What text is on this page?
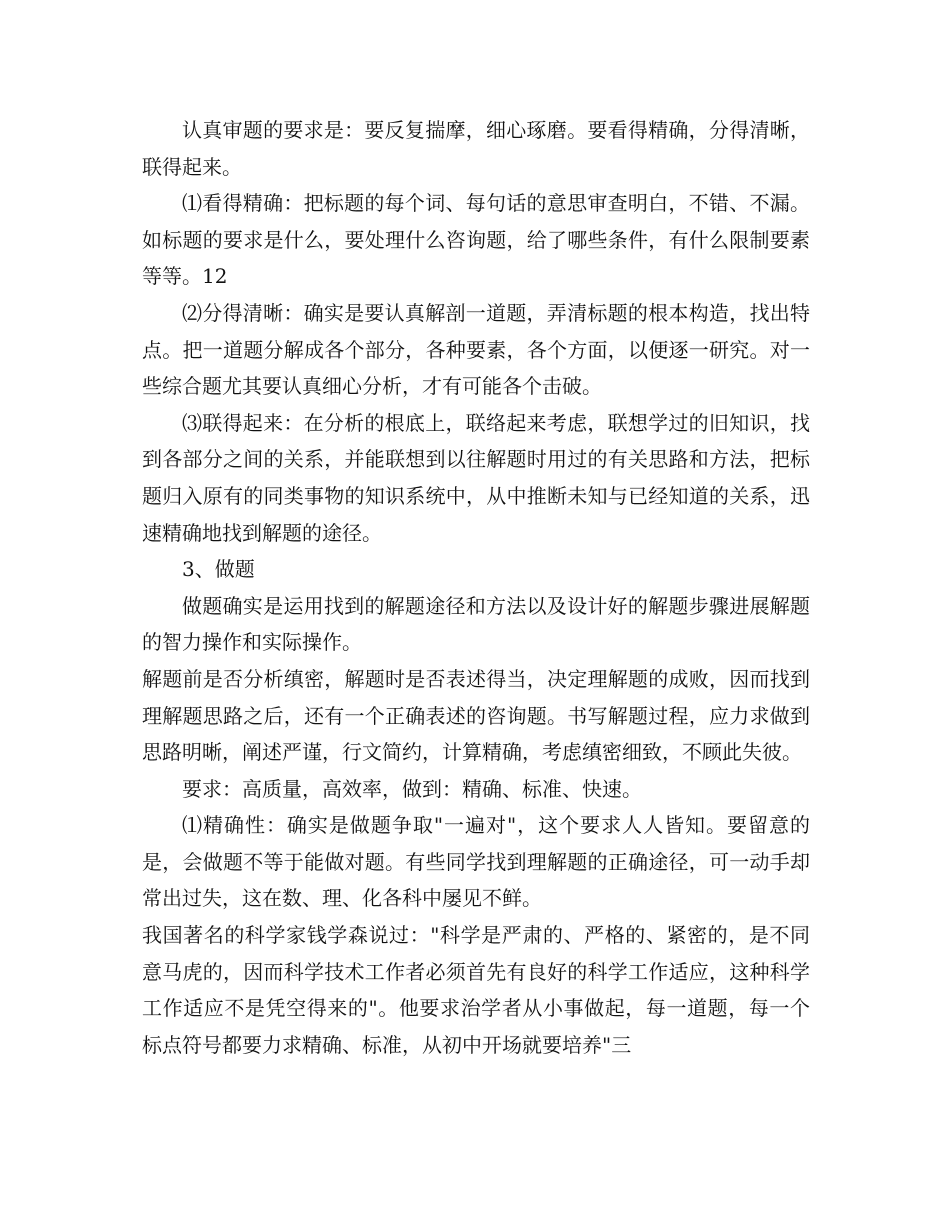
认真审题的要求是：要反复揣摩，细心琢磨。要看得精确，分得清晰，联得起来。

⑴看得精确：把标题的每个词、每句话的意思审查明白，不错、不漏。如标题的要求是什么，要处理什么咨询题，给了哪些条件，有什么限制要素等等。12

⑵分得清晰：确实是要认真解剖一道题，弄清标题的根本构造，找出特点。把一道题分解成各个部分，各种要素，各个方面，以便逐一研究。对一些综合题尤其要认真细心分析，才有可能各个击破。

⑶联得起来：在分析的根底上，联络起来考虑，联想学过的旧知识，找到各部分之间的关系，并能联想到以往解题时用过的有关思路和方法，把标题归入原有的同类事物的知识系统中，从中推断未知与已经知道的关系，迅速精确地找到解题的途径。

3、做题

做题确实是运用找到的解题途径和方法以及设计好的解题步骤进展解题的智力操作和实际操作。

解题前是否分析缜密，解题时是否表述得当，决定理解题的成败，因而找到理解题思路之后，还有一个正确表述的咨询题。书写解题过程，应力求做到思路明晰，阐述严谨，行文简约，计算精确，考虑缜密细致，不顾此失彼。

要求：高质量，高效率，做到：精确、标准、快速。

⑴精确性：确实是做题争取"一遍对"，这个要求人人皆知。要留意的是，会做题不等于能做对题。有些同学找到理解题的正确途径，可一动手却常出过失，这在数、理、化各科中屡见不鲜。

我国著名的科学家钱学森说过："科学是严肃的、严格的、紧密的，是不同意马虎的，因而科学技术工作者必须首先有良好的科学工作适应，这种科学工作适应不是凭空得来的"。他要求治学者从小事做起，每一道题，每一个标点符号都要力求精确、标准，从初中开场就要培养"三
